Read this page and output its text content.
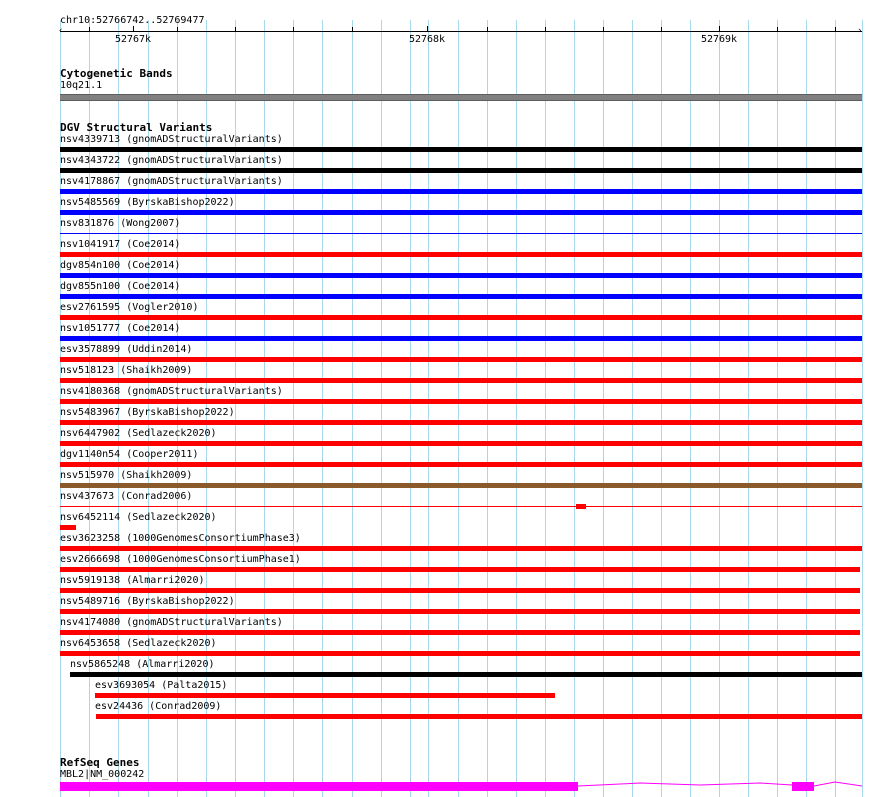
chr10:52766742..52769477
‹	›
52767k	52768k	52769k
Cytogenetic Bands
10q21.1
DGV Structural Variants
nsv4339713 (gnomADStructuralVariants)
nsv4343722 (gnomADStructuralVariants)
nsv4178867 (gnomADStructuralVariants)
nsv5485569 (ByrskaBishop2022)
nsv831876 (Wong2007)
nsv1041917 (Coe2014)
dgv854n100 (Coe2014)
dgv855n100 (Coe2014)
esv2761595 (Vogler2010)
nsv1051777 (Coe2014)
esv3578899 (Uddin2014)
nsv518123 (Shaikh2009)
nsv4180368 (gnomADStructuralVariants)
nsv5483967 (ByrskaBishop2022)
nsv6447902 (Sedlazeck2020)
dgv1140n54 (Cooper2011)
nsv515970 (Shaikh2009)
nsv437673 (Conrad2006)
nsv6452114 (Sedlazeck2020)
esv3623258 (1000GenomesConsortiumPhase3)
esv2666698 (1000GenomesConsortiumPhase1)
nsv5919138 (Almarri2020)
nsv5489716 (ByrskaBishop2022)
nsv4174080 (gnomADStructuralVariants)
nsv6453658 (Sedlazeck2020)
nsv5865248 (Almarri2020)
esv3693054 (Palta2015)
esv24436 (Conrad2009)
RefSeq Genes
MBL2|NM_000242
